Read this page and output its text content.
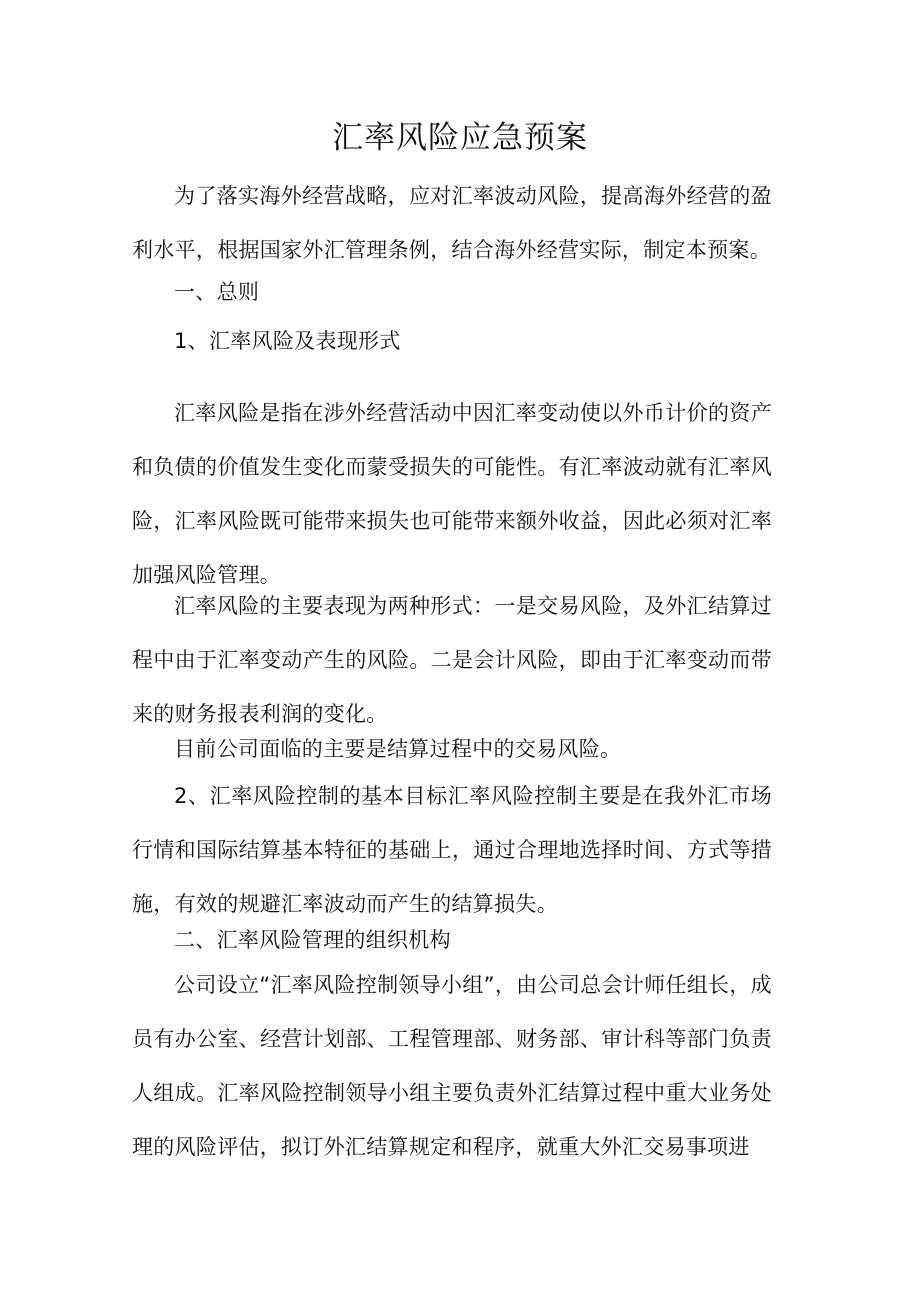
汇率风险应急预案

为了落实海外经营战略，应对汇率波动风险，提高海外经营的盈利水平，根据国家外汇管理条例，结合海外经营实际，制定本预案。

一、总则

1、汇率风险及表现形式

汇率风险是指在涉外经营活动中因汇率变动使以外币计价的资产和负债的价值发生变化而蒙受损失的可能性。有汇率波动就有汇率风险，汇率风险既可能带来损失也可能带来额外收益，因此必须对汇率加强风险管理。

汇率风险的主要表现为两种形式：一是交易风险，及外汇结算过程中由于汇率变动产生的风险。二是会计风险，即由于汇率变动而带来的财务报表利润的变化。

目前公司面临的主要是结算过程中的交易风险。

2、汇率风险控制的基本目标汇率风险控制主要是在我外汇市场行情和国际结算基本特征的基础上，通过合理地选择时间、方式等措施，有效的规避汇率波动而产生的结算损失。

二、汇率风险管理的组织机构

公司设立“汇率风险控制领导小组”，由公司总会计师任组长，成员有办公室、经营计划部、工程管理部、财务部、审计科等部门负责人组成。汇率风险控制领导小组主要负责外汇结算过程中重大业务处理的风险评估，拟订外汇结算规定和程序，就重大外汇交易事项进
